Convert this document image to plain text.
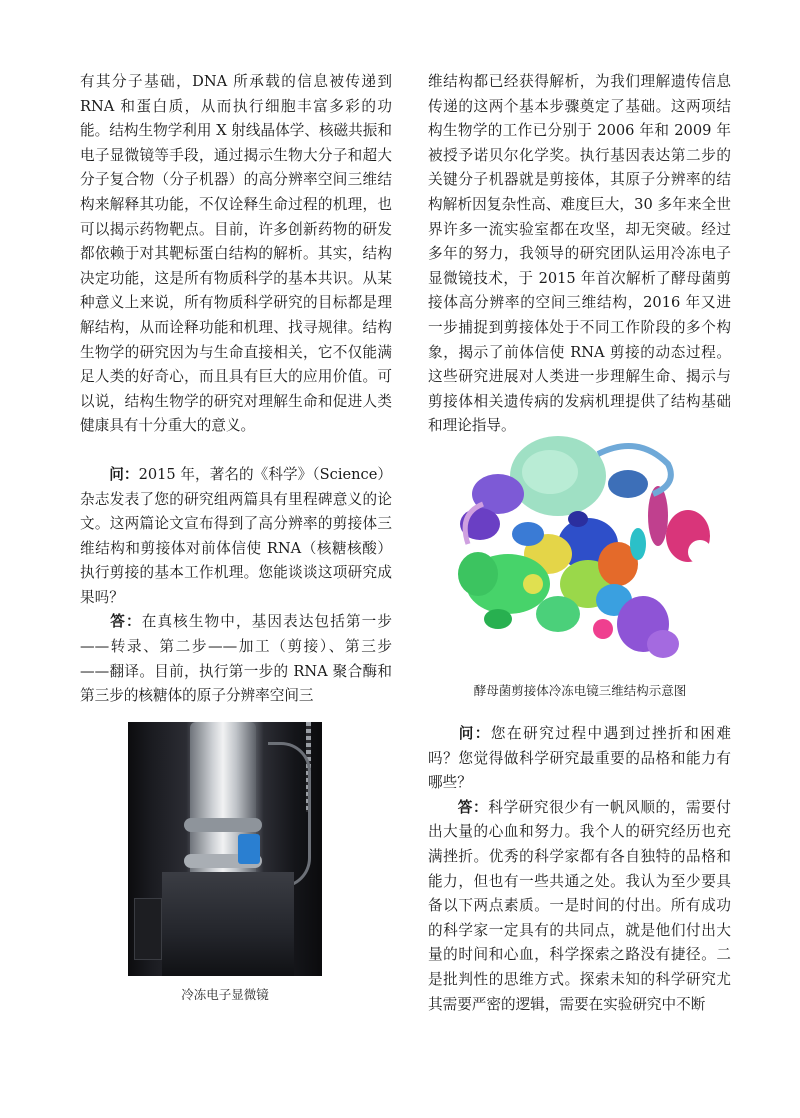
有其分子基础，DNA 所承载的信息被传递到 RNA 和蛋白质，从而执行细胞丰富多彩的功能。结构生物学利用 X 射线晶体学、核磁共振和电子显微镜等手段，通过揭示生物大分子和超大分子复合物（分子机器）的高分辨率空间三维结构来解释其功能，不仅诠释生命过程的机理，也可以揭示药物靶点。目前，许多创新药物的研发都依赖于对其靶标蛋白结构的解析。其实，结构决定功能，这是所有物质科学的基本共识。从某种意义上来说，所有物质科学研究的目标都是理解结构，从而诠释功能和机理、找寻规律。结构生物学的研究因为与生命直接相关，它不仅能满足人类的好奇心，而且具有巨大的应用价值。可以说，结构生物学的研究对理解生命和促进人类健康具有十分重大的意义。

问：2015 年，著名的《科学》（Science）杂志发表了您的研究组两篇具有里程碑意义的论文。这两篇论文宣布得到了高分辨率的剪接体三维结构和剪接体对前体信使 RNA（核糖核酸）执行剪接的基本工作机理。您能谈谈这项研究成果吗？

答：在真核生物中，基因表达包括第一步——转录、第二步——加工（剪接）、第三步——翻译。目前，执行第一步的 RNA 聚合酶和第三步的核糖体的原子分辨率空间三

维结构都已经获得解析，为我们理解遗传信息传递的这两个基本步骤奠定了基础。这两项结构生物学的工作已分别于 2006 年和 2009 年被授予诺贝尔化学奖。执行基因表达第二步的关键分子机器就是剪接体，其原子分辨率的结构解析因复杂性高、难度巨大，30 多年来全世界许多一流实验室都在攻坚，却无突破。经过多年的努力，我领导的研究团队运用冷冻电子显微镜技术，于 2015 年首次解析了酵母菌剪接体高分辨率的空间三维结构，2016 年又进一步捕捉到剪接体处于不同工作阶段的多个构象，揭示了前体信使 RNA 剪接的动态过程。这些研究进展对人类进一步理解生命、揭示与剪接体相关遗传病的发病机理提供了结构基础和理论指导。

酵母菌剪接体冷冻电镜三维结构示意图

问：您在研究过程中遇到过挫折和困难吗？您觉得做科学研究最重要的品格和能力有哪些？

答：科学研究很少有一帆风顺的，需要付出大量的心血和努力。我个人的研究经历也充满挫折。优秀的科学家都有各自独特的品格和能力，但也有一些共通之处。我认为至少要具备以下两点素质。一是时间的付出。所有成功的科学家一定具有的共同点，就是他们付出大量的时间和心血，科学探索之路没有捷径。二是批判性的思维方式。探索未知的科学研究尤其需要严密的逻辑，需要在实验研究中不断

冷冻电子显微镜
